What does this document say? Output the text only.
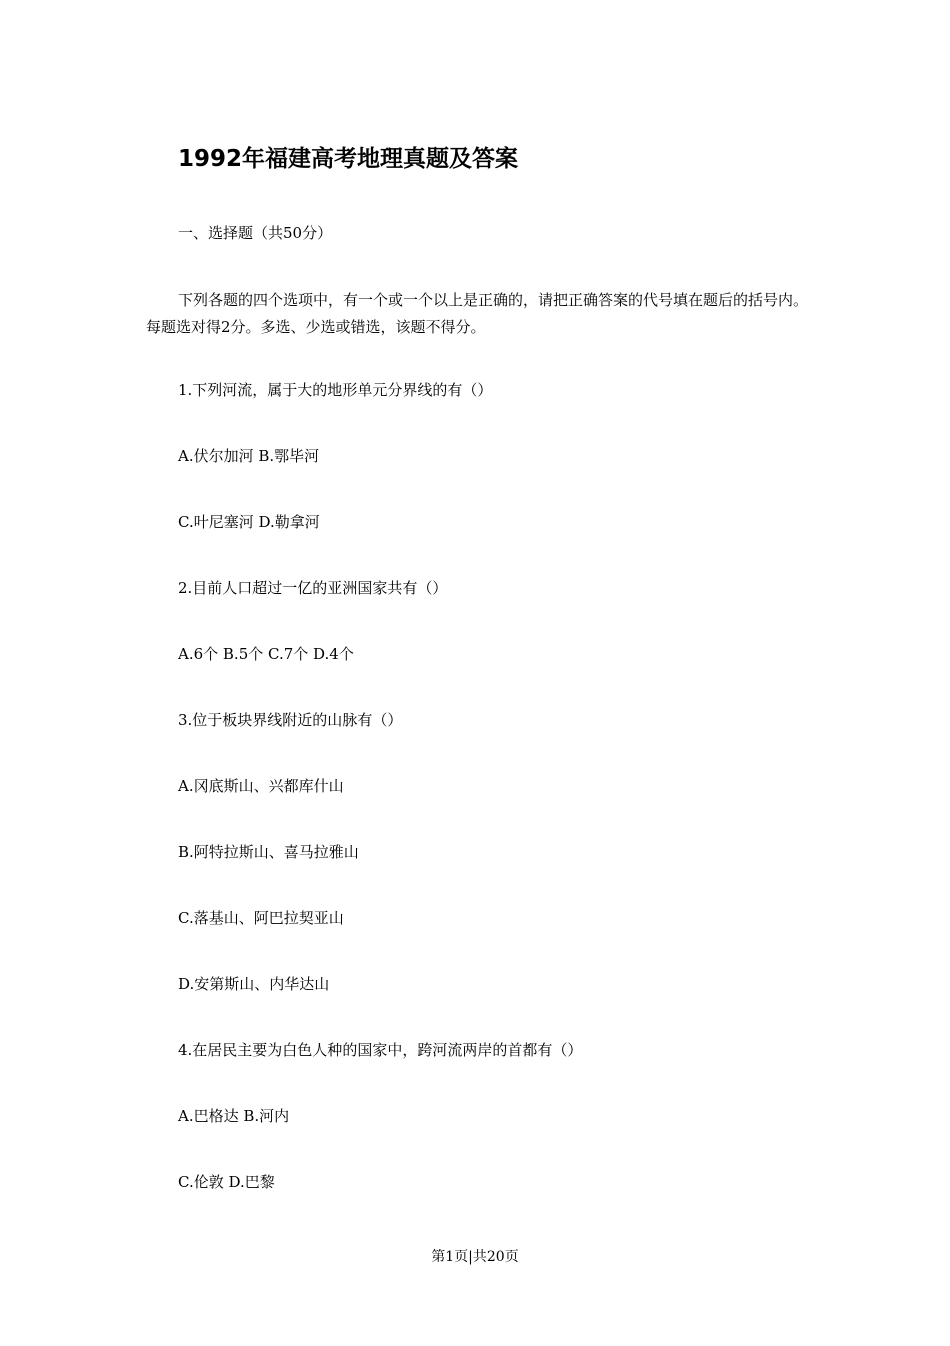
1992年福建高考地理真题及答案
一、选择题（共50分）
下列各题的四个选项中，有一个或一个以上是正确的，请把正确答案的代号填在题后的括号内。每题选对得2分。多选、少选或错选，该题不得分。
1.下列河流，属于大的地形单元分界线的有（）
A.伏尔加河 B.鄂毕河
C.叶尼塞河 D.勒拿河
2.目前人口超过一亿的亚洲国家共有（）
A.6个 B.5个 C.7个 D.4个
3.位于板块界线附近的山脉有（）
A.冈底斯山、兴都库什山
B.阿特拉斯山、喜马拉雅山
C.落基山、阿巴拉契亚山
D.安第斯山、内华达山
4.在居民主要为白色人种的国家中，跨河流两岸的首都有（）
A.巴格达 B.河内
C.伦敦 D.巴黎
第1页|共20页
